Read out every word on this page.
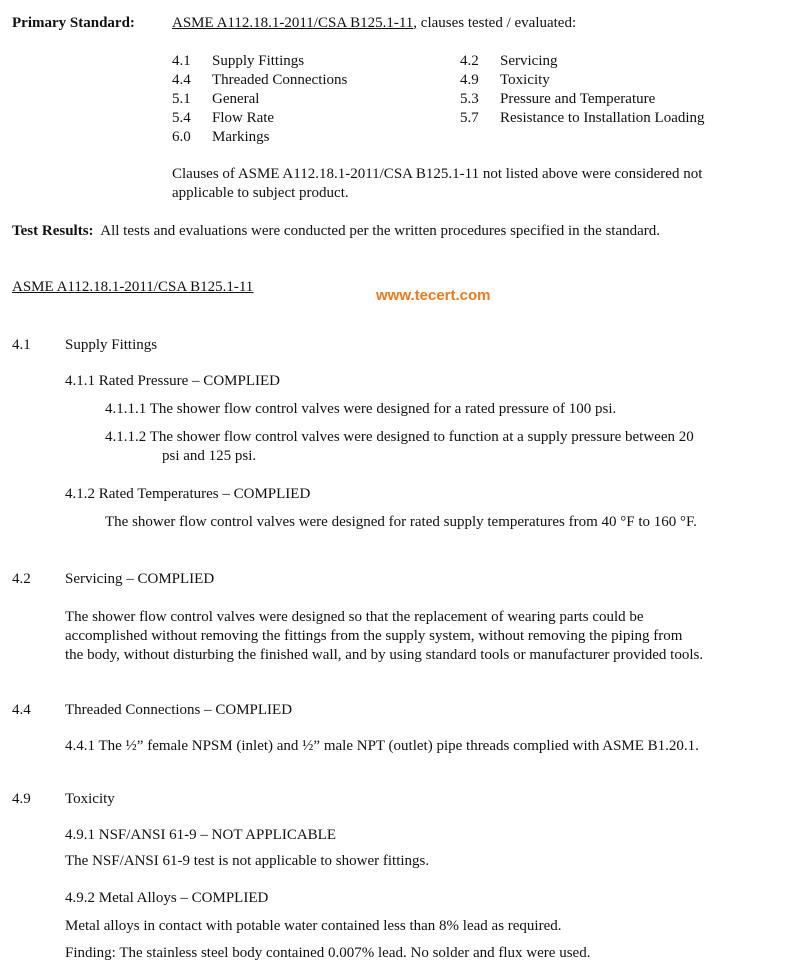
Primary Standard: ASME A112.18.1-2011/CSA B125.1-11, clauses tested / evaluated:
4.1 Supply Fittings	4.2 Servicing
4.4 Threaded Connections	4.9 Toxicity
5.1 General	5.3 Pressure and Temperature
5.4 Flow Rate	5.7 Resistance to Installation Loading
6.0 Markings
Clauses of ASME A112.18.1-2011/CSA B125.1-11 not listed above were considered not
applicable to subject product.
Test Results: All tests and evaluations were conducted per the written procedures specified in the standard.
ASME A112.18.1-2011/CSA B125.1-11	www.tecert.com
4.1 Supply Fittings
4.1.1 Rated Pressure – COMPLIED
4.1.1.1 The shower flow control valves were designed for a rated pressure of 100 psi.
4.1.1.2 The shower flow control valves were designed to function at a supply pressure between 20
psi and 125 psi.
4.1.2 Rated Temperatures – COMPLIED
The shower flow control valves were designed for rated supply temperatures from 40 °F to 160 °F.
4.2 Servicing – COMPLIED
The shower flow control valves were designed so that the replacement of wearing parts could be
accomplished without removing the fittings from the supply system, without removing the piping from
the body, without disturbing the finished wall, and by using standard tools or manufacturer provided tools.
4.4 Threaded Connections – COMPLIED
4.4.1 The ½” female NPSM (inlet) and ½” male NPT (outlet) pipe threads complied with ASME B1.20.1.
4.9 Toxicity
4.9.1 NSF/ANSI 61-9 – NOT APPLICABLE
The NSF/ANSI 61-9 test is not applicable to shower fittings.
4.9.2 Metal Alloys – COMPLIED
Metal alloys in contact with potable water contained less than 8% lead as required.
Finding: The stainless steel body contained 0.007% lead. No solder and flux were used.
